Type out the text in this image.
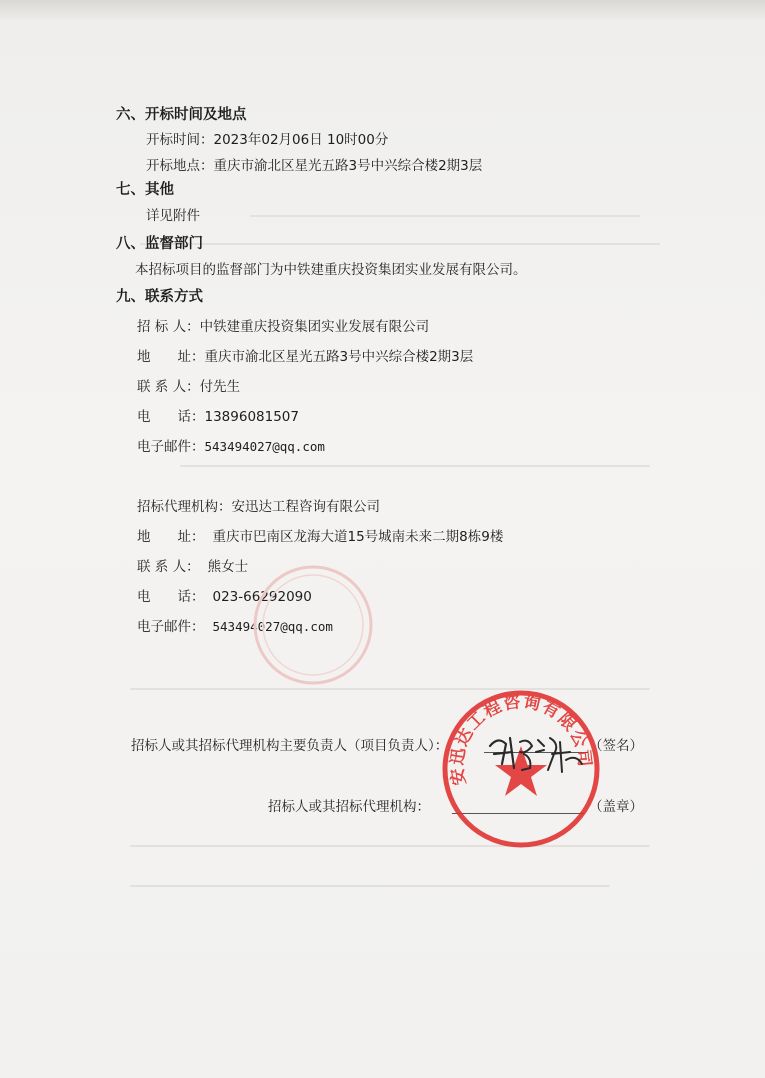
六、开标时间及地点
开标时间：2023年02月06日 10时00分
开标地点：重庆市渝北区星光五路3号中兴综合楼2期3层
七、其他
详见附件
八、监督部门
本招标项目的监督部门为中铁建重庆投资集团实业发展有限公司。
九、联系方式
招 标 人：中铁建重庆投资集团实业发展有限公司
地　　址：重庆市渝北区星光五路3号中兴综合楼2期3层
联 系 人：付先生
电　　话：13896081507
电子邮件：543494027@qq.com
招标代理机构：安迅达工程咨询有限公司
地　　址： 重庆市巴南区龙海大道15号城南未来二期8栋9楼
联 系 人： 熊女士
电　　话： 023-66292090
电子邮件： 543494027@qq.com
招标人或其招标代理机构主要负责人（项目负责人）：	（签名）
招标人或其招标代理机构：	（盖章）
安迅达工程咨询有限公司
